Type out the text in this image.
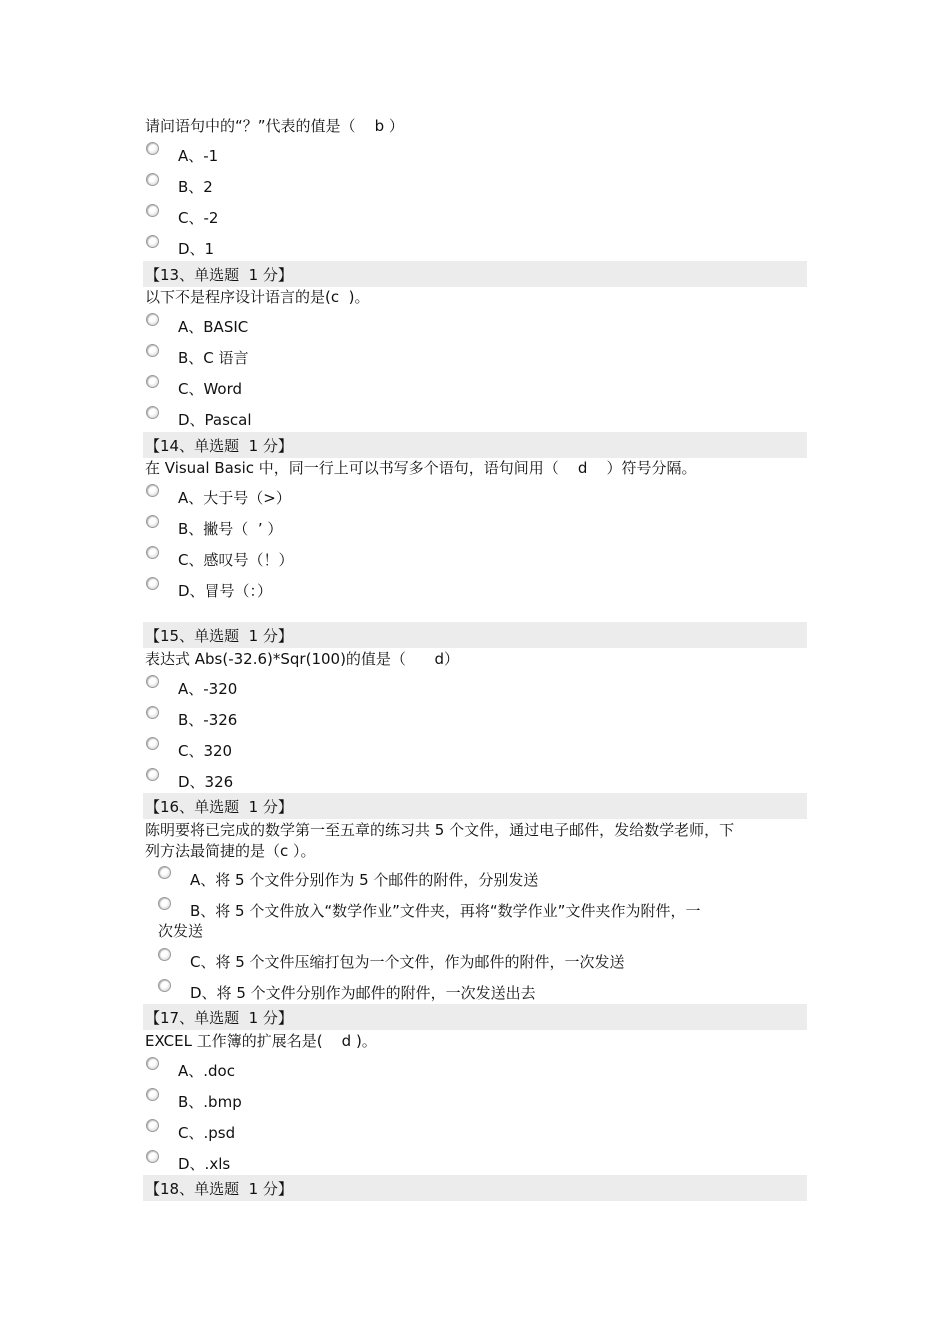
请问语句中的“？”代表的值是（    b ）

A、-1
B、2
C、-2
D、1
【13、单选题  1 分】

以下不是程序设计语言的是(c  )。

A、BASIC
B、C 语言
C、Word
D、Pascal
【14、单选题  1 分】

在 Visual Basic 中，同一行上可以书写多个语句，语句间用（    d    ）符号分隔。

A、大于号（>）
B、撇号（  ’ ）
C、感叹号（！）
D、冒号（：）
【15、单选题  1 分】

表达式 Abs(-32.6)*Sqr(100)的值是（      d）

A、-320
B、-326
C、320
D、326
【16、单选题  1 分】

陈明要将已完成的数学第一至五章的练习共 5 个文件，通过电子邮件，发给数学老师，下

列方法最简捷的是（c ）。

A、将 5 个文件分别作为 5 个邮件的附件，分别发送
B、将 5 个文件放入“数学作业”文件夹，再将“数学作业”文件夹作为附件，一
次发送
C、将 5 个文件压缩打包为一个文件，作为邮件的附件，一次发送
D、将 5 个文件分别作为邮件的附件，一次发送出去
【17、单选题  1 分】

EXCEL 工作簿的扩展名是(    d )。

A、.doc
B、.bmp
C、.psd
D、.xls
【18、单选题  1 分】
